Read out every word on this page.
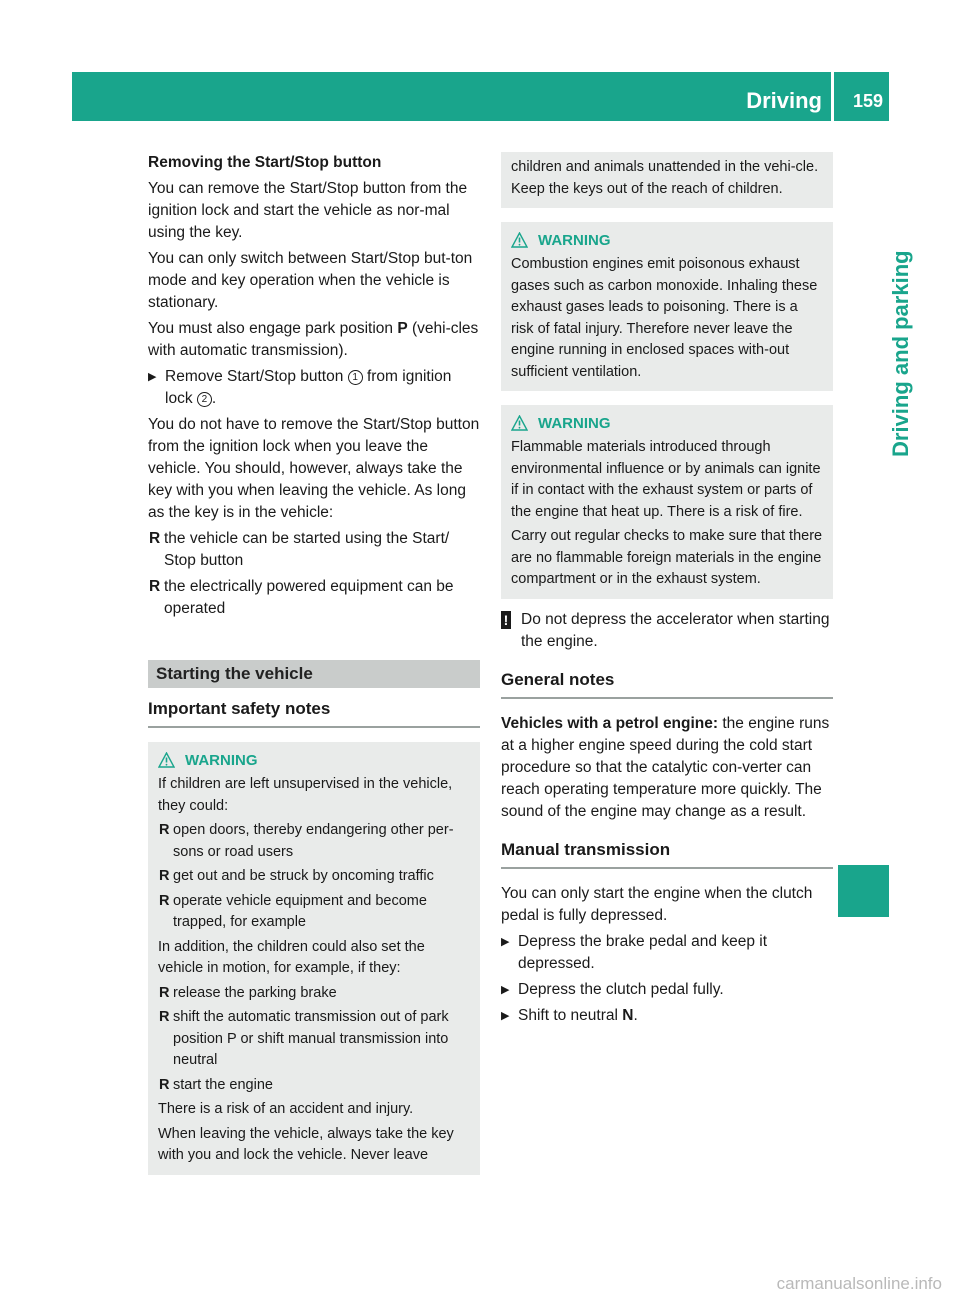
Driving 159
Driving and parking

Removing the Start/Stop button

You can remove the Start/Stop button from the ignition lock and start the vehicle as nor-mal using the key.

You can only switch between Start/Stop but-ton mode and key operation when the vehicle is stationary.

You must also engage park position P (vehi-cles with automatic transmission).

▶ Remove Start/Stop button 1 from ignition lock 2 .

You do not have to remove the Start/Stop button from the ignition lock when you leave the vehicle. You should, however, always take the key with you when leaving the vehicle. As long as the key is in the vehicle:

R the vehicle can be started using the Start/ Stop button
R the electrically powered equipment can be operated
Starting the vehicle
Important safety notes
WARNING

If children are left unsupervised in the vehicle, they could:

R open doors, thereby endangering other per-sons or road users
R get out and be struck by oncoming traffic
R operate vehicle equipment and become trapped, for example

In addition, the children could also set the vehicle in motion, for example, if they:

R release the parking brake
R shift the automatic transmission out of park position P or shift manual transmission into neutral
R start the engine

There is a risk of an accident and injury.

When leaving the vehicle, always take the key with you and lock the vehicle. Never leave

children and animals unattended in the vehi-cle. Keep the keys out of the reach of children.

WARNING

Combustion engines emit poisonous exhaust gases such as carbon monoxide. Inhaling these exhaust gases leads to poisoning. There is a risk of fatal injury. Therefore never leave the engine running in enclosed spaces with-out sufficient ventilation.

WARNING

Flammable materials introduced through environmental influence or by animals can ignite if in contact with the exhaust system or parts of the engine that heat up. There is a risk of fire.

Carry out regular checks to make sure that there are no flammable foreign materials in the engine compartment or in the exhaust system.

! Do not depress the accelerator when starting the engine.
General notes

Vehicles with a petrol engine: the engine runs at a higher engine speed during the cold start procedure so that the catalytic con-verter can reach operating temperature more quickly. The sound of the engine may change as a result.

Manual transmission

You can only start the engine when the clutch pedal is fully depressed.

▶ Depress the brake pedal and keep it depressed.
▶ Depress the clutch pedal fully.
▶ Shift to neutral N.
carmanualsonline.info
